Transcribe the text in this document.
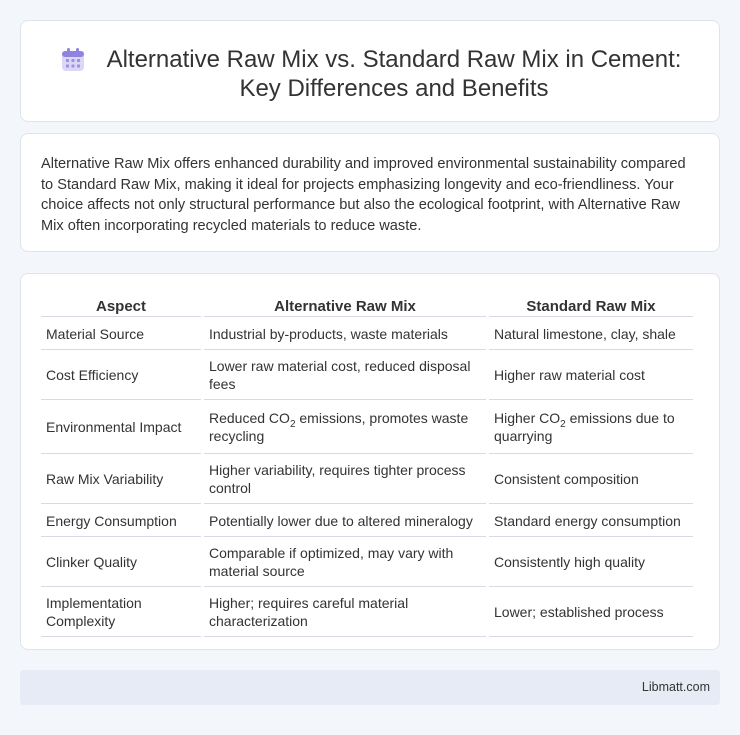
Alternative Raw Mix vs. Standard Raw Mix in Cement:
Key Differences and Benefits

Alternative Raw Mix offers enhanced durability and improved environmental sustainability compared to Standard Raw Mix, making it ideal for projects emphasizing longevity and eco-friendliness. Your choice affects not only structural performance but also the ecological footprint, with Alternative Raw Mix often incorporating recycled materials to reduce waste.

Aspect	Alternative Raw Mix	Standard Raw Mix
Material Source	Industrial by-products, waste materials	Natural limestone, clay, shale
Cost Efficiency	Lower raw material cost, reduced disposal fees	Higher raw material cost
Environmental Impact	Reduced $CO_2$ emissions, promotes waste recycling	Higher $CO_2$ emissions due to quarrying
Raw Mix Variability	Higher variability, requires tighter process control	Consistent composition
Energy Consumption	Potentially lower due to altered mineralogy	Standard energy consumption
Clinker Quality	Comparable if optimized, may vary with material source	Consistently high quality
Implementation Complexity	Higher; requires careful material characterization	Lower; established process
Libmatt.com
